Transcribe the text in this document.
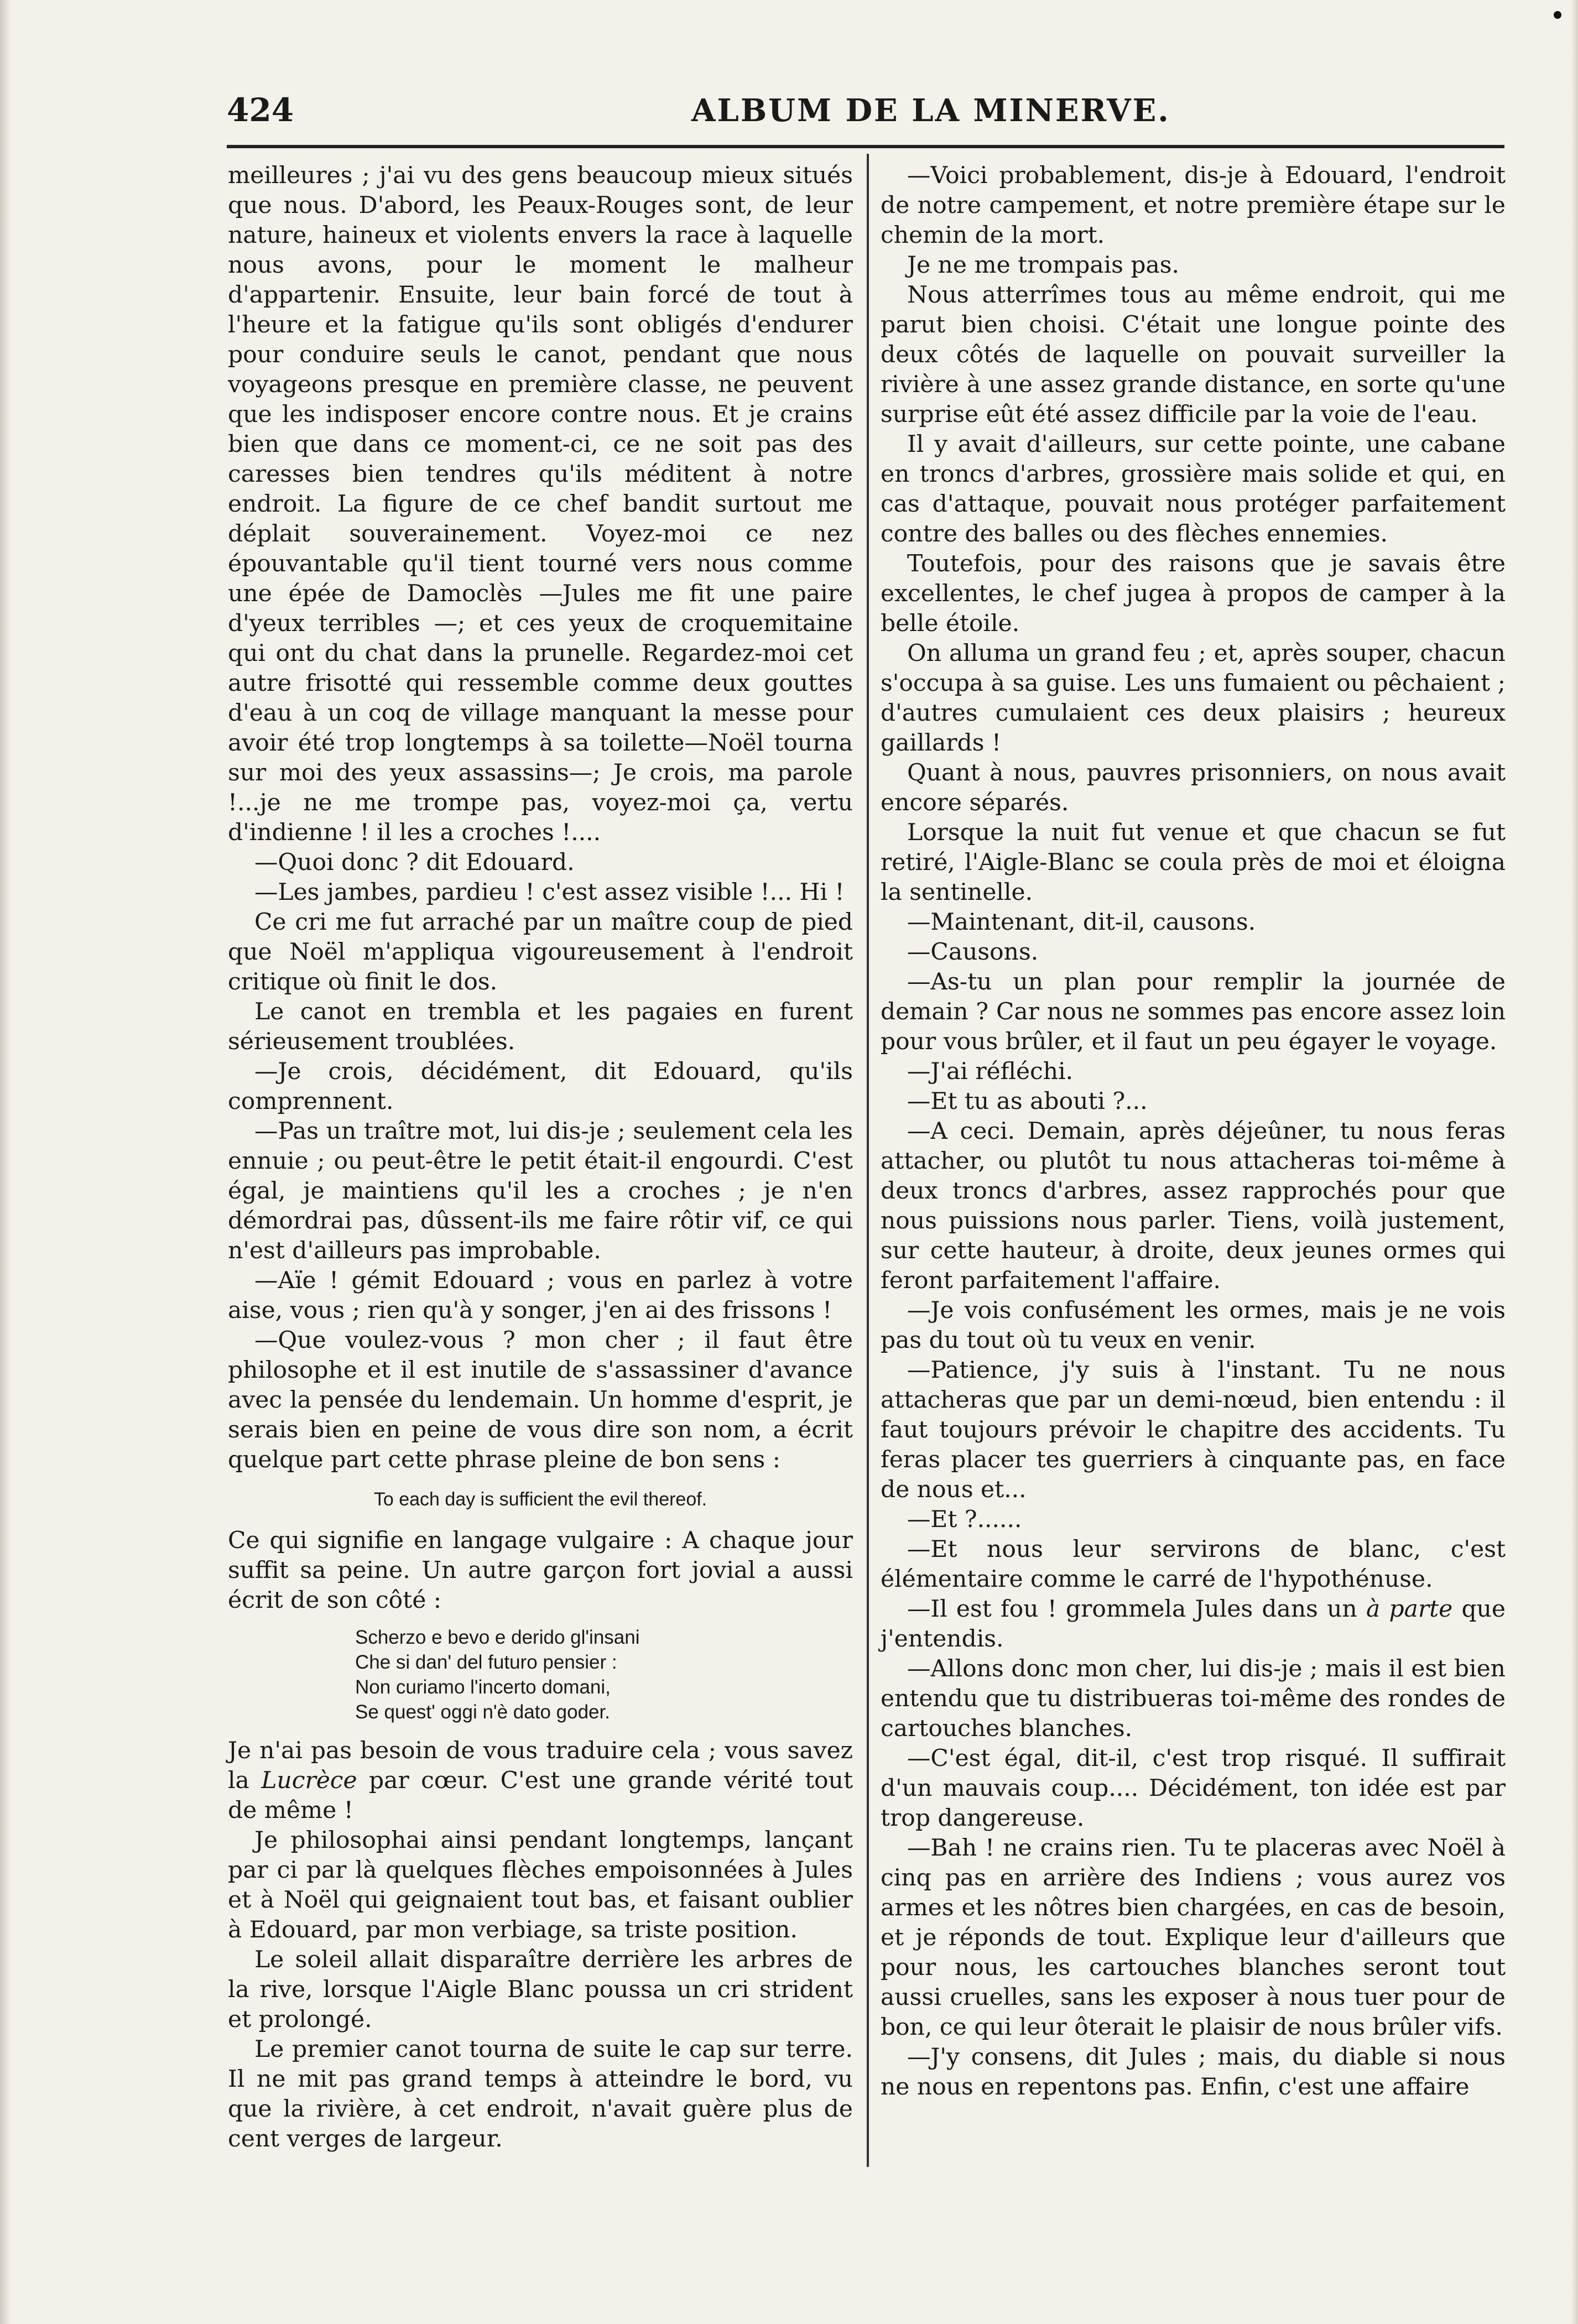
424	ALBUM DE LA MINERVE.

meilleures ; j'ai vu des gens beaucoup mieux situés que nous. D'abord, les Peaux-Rouges sont, de leur nature, haineux et violents envers la race à laquelle nous avons, pour le moment le malheur d'appartenir. Ensuite, leur bain forcé de tout à l'heure et la fatigue qu'ils sont obligés d'endurer pour conduire seuls le canot, pendant que nous voyageons presque en première classe, ne peuvent que les indisposer encore contre nous. Et je crains bien que dans ce moment-ci, ce ne soit pas des caresses bien tendres qu'ils méditent à notre endroit. La figure de ce chef bandit surtout me déplait souverainement. Voyez-moi ce nez épouvantable qu'il tient tourné vers nous comme une épée de Damoclès —Jules me fit une paire d'yeux terribles —; et ces yeux de croquemitaine qui ont du chat dans la prunelle. Regardez-moi cet autre frisotté qui ressemble comme deux gouttes d'eau à un coq de village manquant la messe pour avoir été trop longtemps à sa toilette—Noël tourna sur moi des yeux assassins—; Je crois, ma parole !...je ne me trompe pas, voyez-moi ça, vertu d'indienne ! il les a croches !....

—Quoi donc ? dit Edouard.

—Les jambes, pardieu ! c'est assez visible !... Hi !

Ce cri me fut arraché par un maître coup de pied que Noël m'appliqua vigoureusement à l'endroit critique où finit le dos.

Le canot en trembla et les pagaies en furent sérieusement troublées.

—Je crois, décidément, dit Edouard, qu'ils comprennent.

—Pas un traître mot, lui dis-je ; seulement cela les ennuie ; ou peut-être le petit était-il engourdi. C'est égal, je maintiens qu'il les a croches ; je n'en démordrai pas, dûssent-ils me faire rôtir vif, ce qui n'est d'ailleurs pas improbable.

—Aïe ! gémit Edouard ; vous en parlez à votre aise, vous ; rien qu'à y songer, j'en ai des frissons !

—Que voulez-vous ? mon cher ; il faut être philosophe et il est inutile de s'assassiner d'avance avec la pensée du lendemain. Un homme d'esprit, je serais bien en peine de vous dire son nom, a écrit quelque part cette phrase pleine de bon sens :

To each day is sufficient the evil thereof.

Ce qui signifie en langage vulgaire : A chaque jour suffit sa peine. Un autre garçon fort jovial a aussi écrit de son côté :

Scherzo e bevo e derido gl'insani
Che si dan' del futuro pensier :
Non curiamo l'incerto domani,
Se quest' oggi n'è dato goder.

Je n'ai pas besoin de vous traduire cela ; vous savez la Lucrèce par cœur. C'est une grande vérité tout de même !

Je philosophai ainsi pendant longtemps, lançant par ci par là quelques flèches empoisonnées à Jules et à Noël qui geignaient tout bas, et faisant oublier à Edouard, par mon verbiage, sa triste position.

Le soleil allait disparaître derrière les arbres de la rive, lorsque l'Aigle Blanc poussa un cri strident et prolongé.

Le premier canot tourna de suite le cap sur terre. Il ne mit pas grand temps à atteindre le bord, vu que la rivière, à cet endroit, n'avait guère plus de cent verges de largeur.

—Voici probablement, dis-je à Edouard, l'endroit de notre campement, et notre première étape sur le chemin de la mort.

Je ne me trompais pas.

Nous atterrîmes tous au même endroit, qui me parut bien choisi. C'était une longue pointe des deux côtés de laquelle on pouvait surveiller la rivière à une assez grande distance, en sorte qu'une surprise eût été assez difficile par la voie de l'eau.

Il y avait d'ailleurs, sur cette pointe, une cabane en troncs d'arbres, grossière mais solide et qui, en cas d'attaque, pouvait nous protéger parfaitement contre des balles ou des flèches ennemies.

Toutefois, pour des raisons que je savais être excellentes, le chef jugea à propos de camper à la belle étoile.

On alluma un grand feu ; et, après souper, chacun s'occupa à sa guise. Les uns fumaient ou pêchaient ; d'autres cumulaient ces deux plaisirs ; heureux gaillards !

Quant à nous, pauvres prisonniers, on nous avait encore séparés.

Lorsque la nuit fut venue et que chacun se fut retiré, l'Aigle-Blanc se coula près de moi et éloigna la sentinelle.

—Maintenant, dit-il, causons.

—Causons.

—As-tu un plan pour remplir la journée de demain ? Car nous ne sommes pas encore assez loin pour vous brûler, et il faut un peu égayer le voyage.

—J'ai réfléchi.

—Et tu as abouti ?...

—A ceci. Demain, après déjeûner, tu nous feras attacher, ou plutôt tu nous attacheras toi-même à deux troncs d'arbres, assez rapprochés pour que nous puissions nous parler. Tiens, voilà justement, sur cette hauteur, à droite, deux jeunes ormes qui feront parfaitement l'affaire.

—Je vois confusément les ormes, mais je ne vois pas du tout où tu veux en venir.

—Patience, j'y suis à l'instant. Tu ne nous attacheras que par un demi-nœud, bien entendu : il faut toujours prévoir le chapitre des accidents. Tu feras placer tes guerriers à cinquante pas, en face de nous et...

—Et ?......

—Et nous leur servirons de blanc, c'est élémentaire comme le carré de l'hypothénuse.

—Il est fou ! grommela Jules dans un à parte que j'entendis.

—Allons donc mon cher, lui dis-je ; mais il est bien entendu que tu distribueras toi-même des rondes de cartouches blanches.

—C'est égal, dit-il, c'est trop risqué. Il suffirait d'un mauvais coup.... Décidément, ton idée est par trop dangereuse.

—Bah ! ne crains rien. Tu te placeras avec Noël à cinq pas en arrière des Indiens ; vous aurez vos armes et les nôtres bien chargées, en cas de besoin, et je réponds de tout. Explique leur d'ailleurs que pour nous, les cartouches blanches seront tout aussi cruelles, sans les exposer à nous tuer pour de bon, ce qui leur ôterait le plaisir de nous brûler vifs.

—J'y consens, dit Jules ; mais, du diable si nous ne nous en repentons pas. Enfin, c'est une affaire
